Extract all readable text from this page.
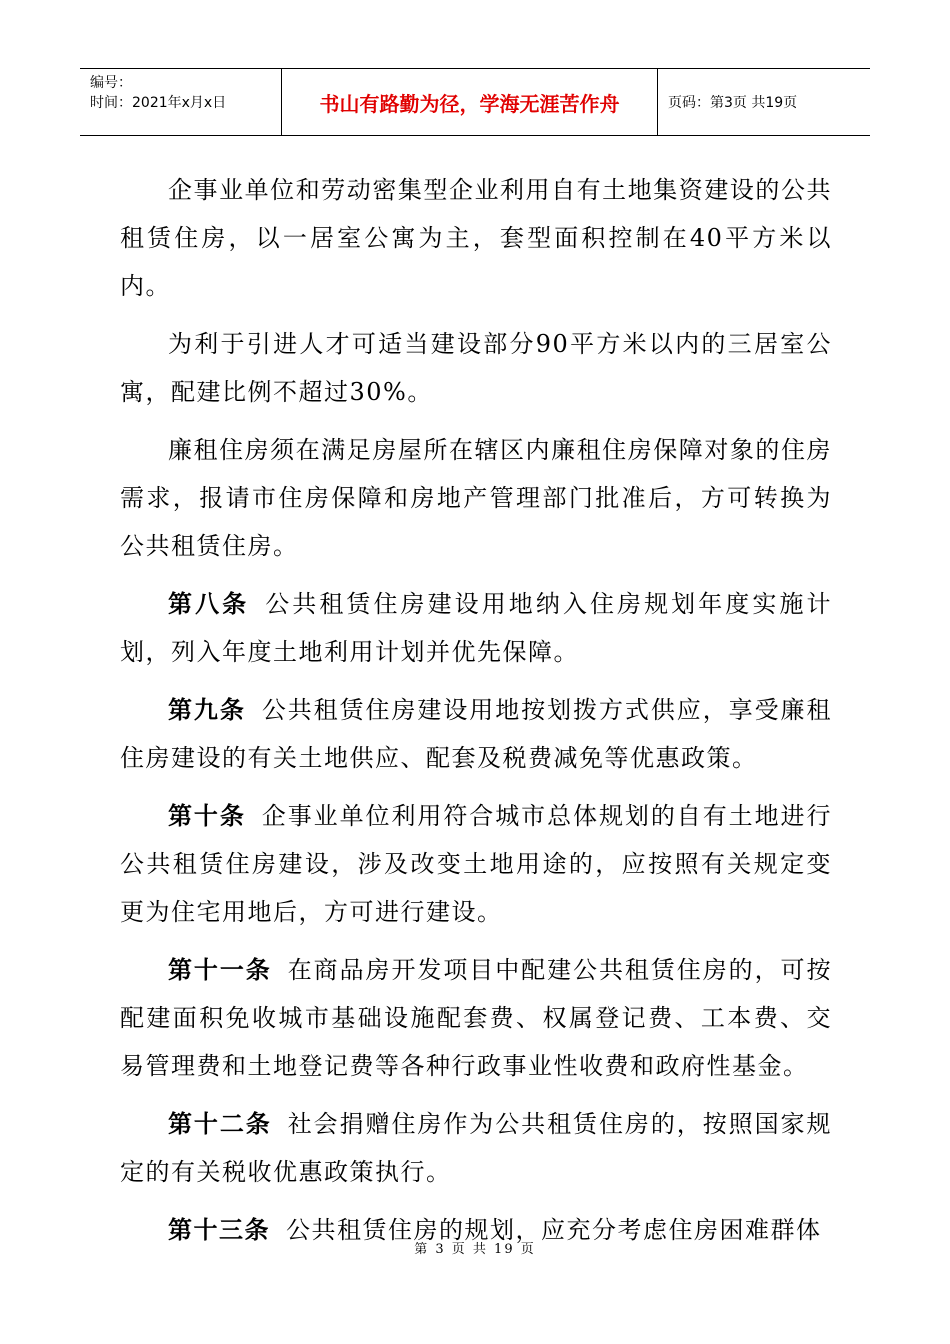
编号：
时间：2021年x月x日	书山有路勤为径，学海无涯苦作舟	页码：第3页 共19页

企事业单位和劳动密集型企业利用自有土地集资建设的公共租赁住房，以一居室公寓为主，套型面积控制在40平方米以内。

为利于引进人才可适当建设部分90平方米以内的三居室公寓，配建比例不超过30%。

廉租住房须在满足房屋所在辖区内廉租住房保障对象的住房需求，报请市住房保障和房地产管理部门批准后，方可转换为公共租赁住房。

第八条 公共租赁住房建设用地纳入住房规划年度实施计划，列入年度土地利用计划并优先保障。

第九条 公共租赁住房建设用地按划拨方式供应，享受廉租住房建设的有关土地供应、配套及税费减免等优惠政策。

第十条 企事业单位利用符合城市总体规划的自有土地进行公共租赁住房建设，涉及改变土地用途的，应按照有关规定变更为住宅用地后，方可进行建设。

第十一条 在商品房开发项目中配建公共租赁住房的，可按配建面积免收城市基础设施配套费、权属登记费、工本费、交易管理费和土地登记费等各种行政事业性收费和政府性基金。

第十二条 社会捐赠住房作为公共租赁住房的，按照国家规定的有关税收优惠政策执行。

第十三条 公共租赁住房的规划，应充分考虑住房困难群体

第 3 页 共 19 页
